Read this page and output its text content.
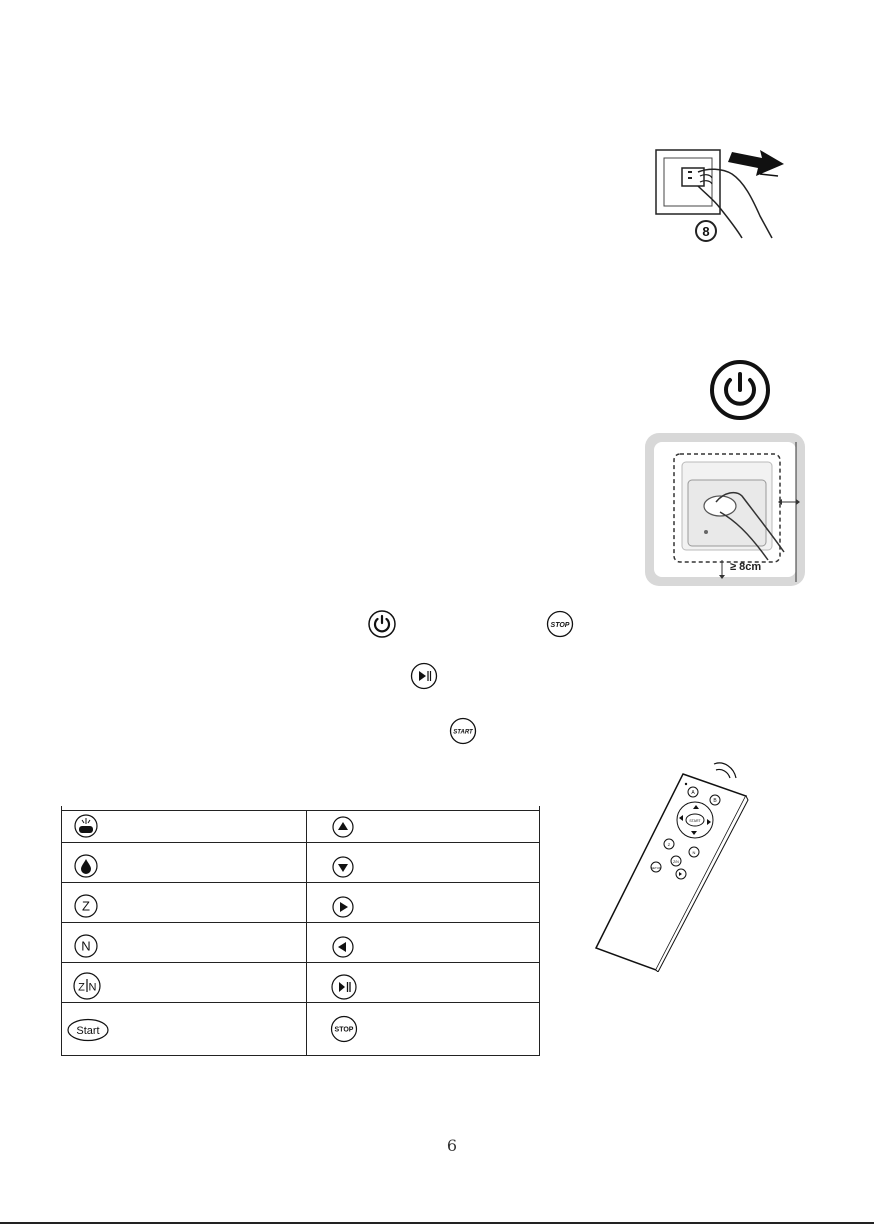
8
≥ 8cm
STOP
START
A
B
START
Z
N
Z/N
SETUP
Z
N
Z N
Start	STOP
6
